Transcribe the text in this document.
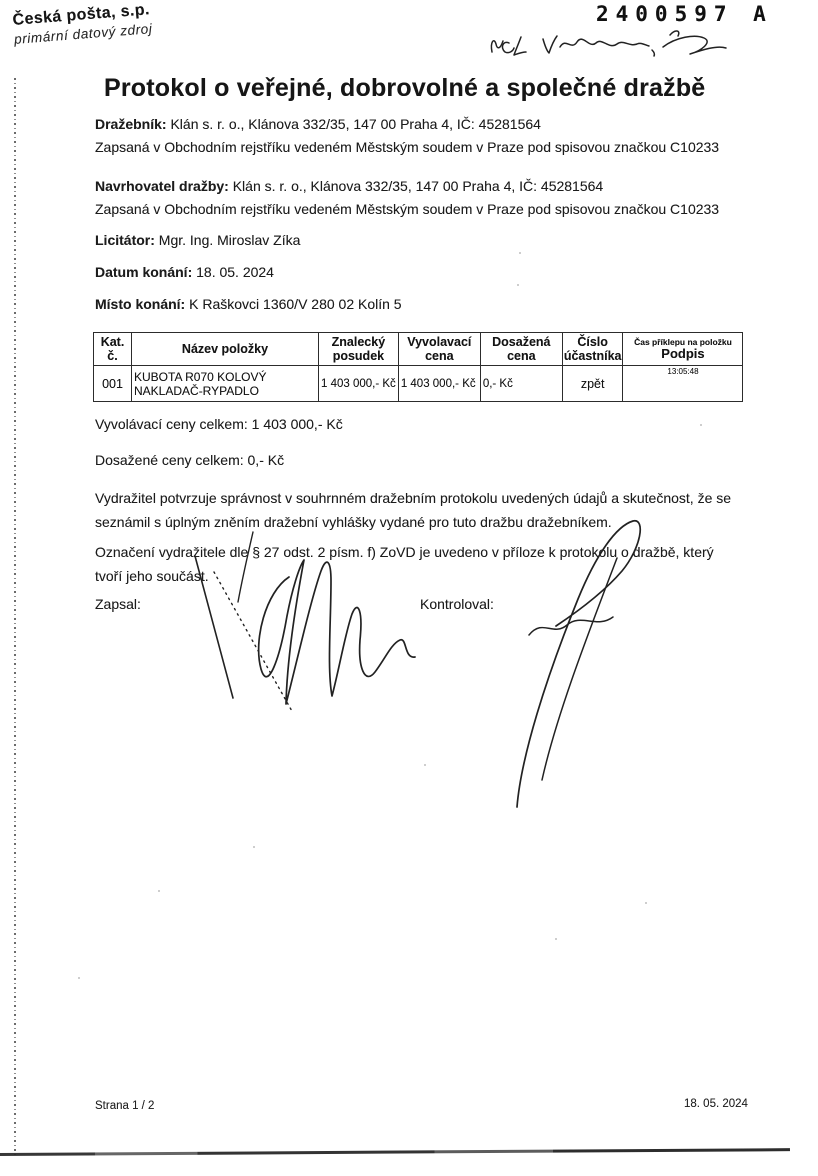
Česká pošta, s.p.
primární datový zdroj
2400597 A
Protokol o veřejné, dobrovolné a společné dražbě
Dražebník: Klán s. r. o., Klánova 332/35, 147 00 Praha 4, IČ: 45281564
Zapsaná v Obchodním rejstříku vedeném Městským soudem v Praze pod spisovou značkou C10233
Navrhovatel dražby: Klán s. r. o., Klánova 332/35, 147 00 Praha 4, IČ: 45281564
Zapsaná v Obchodním rejstříku vedeném Městským soudem v Praze pod spisovou značkou C10233
Licitátor: Mgr. Ing. Miroslav Zíka
Datum konání: 18. 05. 2024
Místo konání: K Raškovci 1360/V 280 02 Kolín 5
Kat. č.	Název položky	Znalecký posudek	Vyvolavací cena	Dosažená cena	Číslo účastníka	Čas příklepu na položku
Podpis

001	KUBOTA R070 KOLOVÝ NAKLADAČ-RYPADLO	1 403 000,- Kč	1 403 000,- Kč	0,- Kč	zpět	13:05:48
Vyvolávací ceny celkem: 1 403 000,- Kč
Dosažené ceny celkem: 0,- Kč
Vydražitel potvrzuje správnost v souhrnném dražebním protokolu uvedených údajů a skutečnost, že se seznámil s úplným zněním dražební vyhlášky vydané pro tuto dražbu dražebníkem.
Označení vydražitele dle § 27 odst. 2 písm. f) ZoVD je uvedeno v příloze k protokolu o dražbě, který tvoří jeho součást.
Zapsal:	Kontroloval:
Strana 1 / 2	18. 05. 2024
